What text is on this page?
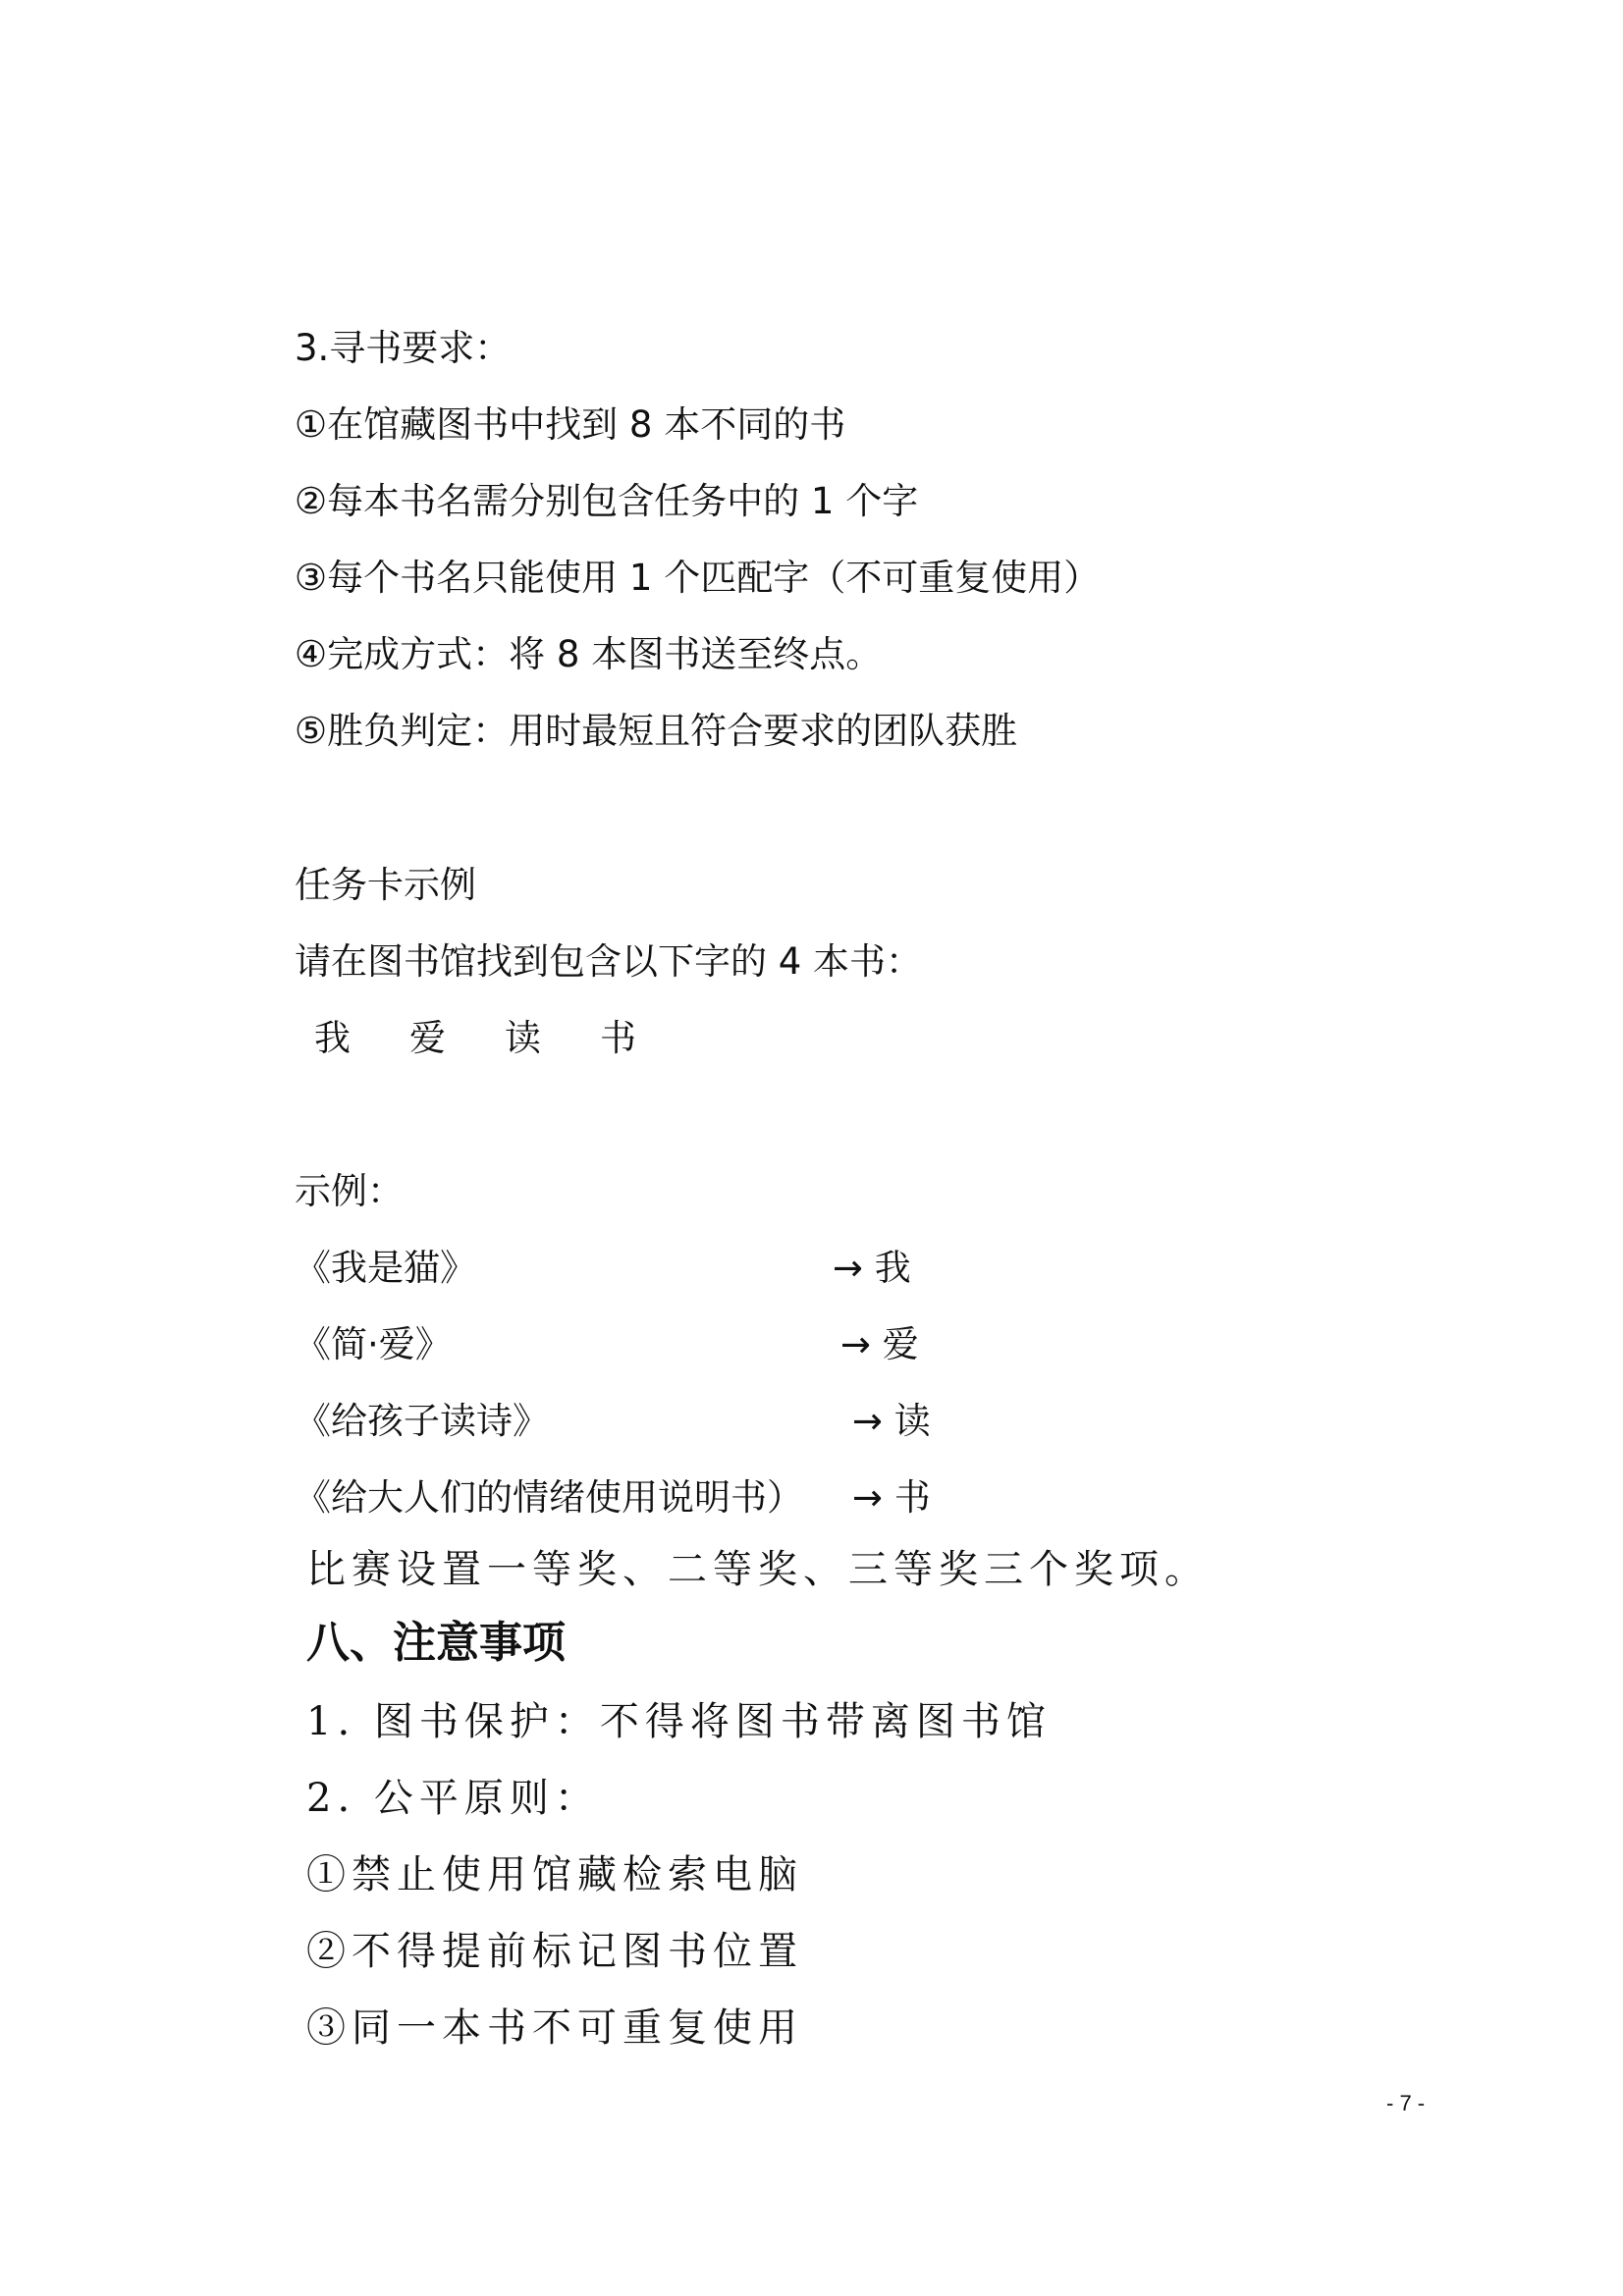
3.寻书要求：
①在馆藏图书中找到 8 本不同的书
②每本书名需分别包含任务中的 1 个字
③每个书名只能使用 1 个匹配字（不可重复使用）
④完成方式：将 8 本图书送至终点。
⑤胜负判定：用时最短且符合要求的团队获胜
任务卡示例
请在图书馆找到包含以下字的 4 本书：
我 爱 读 书
示例：
《我是猫》	→ 我
《简·爱》	→ 爱
《给孩子读诗》	→ 读
《给大人们的情绪使用说明书） → 书
比赛设置一等奖、二等奖、三等奖三个奖项。
八、注意事项
1. 图书保护：不得将图书带离图书馆
2. 公平原则：
①禁止使用馆藏检索电脑
②不得提前标记图书位置
③同一本书不可重复使用
- 7 -
